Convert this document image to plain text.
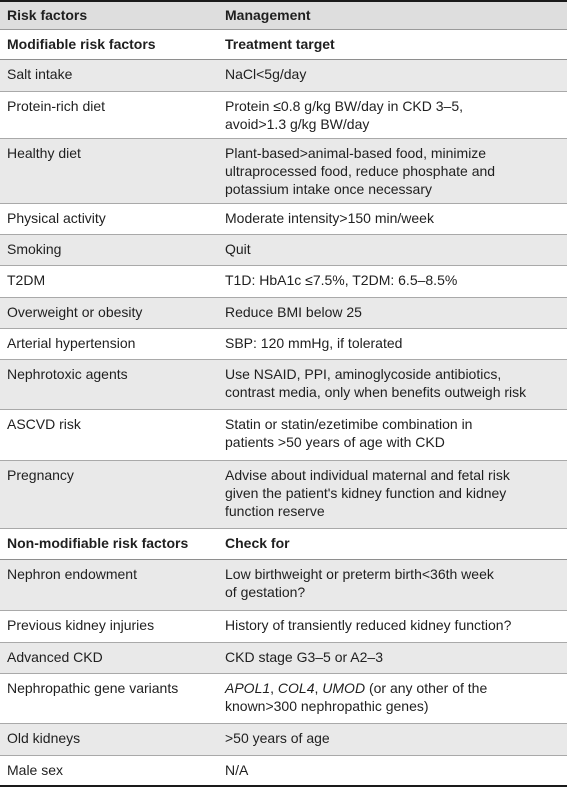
Risk factors	Management
Modifiable risk factors	Treatment target
Salt intake	NaCl<5g/day
Protein-rich diet	Protein ≤0.8 g/kg BW/day in CKD 3–5,
avoid>1.3 g/kg BW/day
Healthy diet	Plant-based>animal-based food, minimize
ultraprocessed food, reduce phosphate and
potassium intake once necessary
Physical activity	Moderate intensity>150 min/week
Smoking	Quit
T2DM	T1D: HbA1c ≤7.5%, T2DM: 6.5–8.5%
Overweight or obesity	Reduce BMI below 25
Arterial hypertension	SBP: 120 mmHg, if tolerated
Nephrotoxic agents	Use NSAID, PPI, aminoglycoside antibiotics,
contrast media, only when benefits outweigh risk
ASCVD risk	Statin or statin/ezetimibe combination in
patients >50 years of age with CKD
Pregnancy	Advise about individual maternal and fetal risk
given the patient's kidney function and kidney
function reserve
Non-modifiable risk factors	Check for
Nephron endowment	Low birthweight or preterm birth<36th week
of gestation?
Previous kidney injuries	History of transiently reduced kidney function?
Advanced CKD	CKD stage G3–5 or A2–3
Nephropathic gene variants	APOL1, COL4, UMOD (or any other of the
known>300 nephropathic genes)
Old kidneys	>50 years of age
Male sex	N/A
